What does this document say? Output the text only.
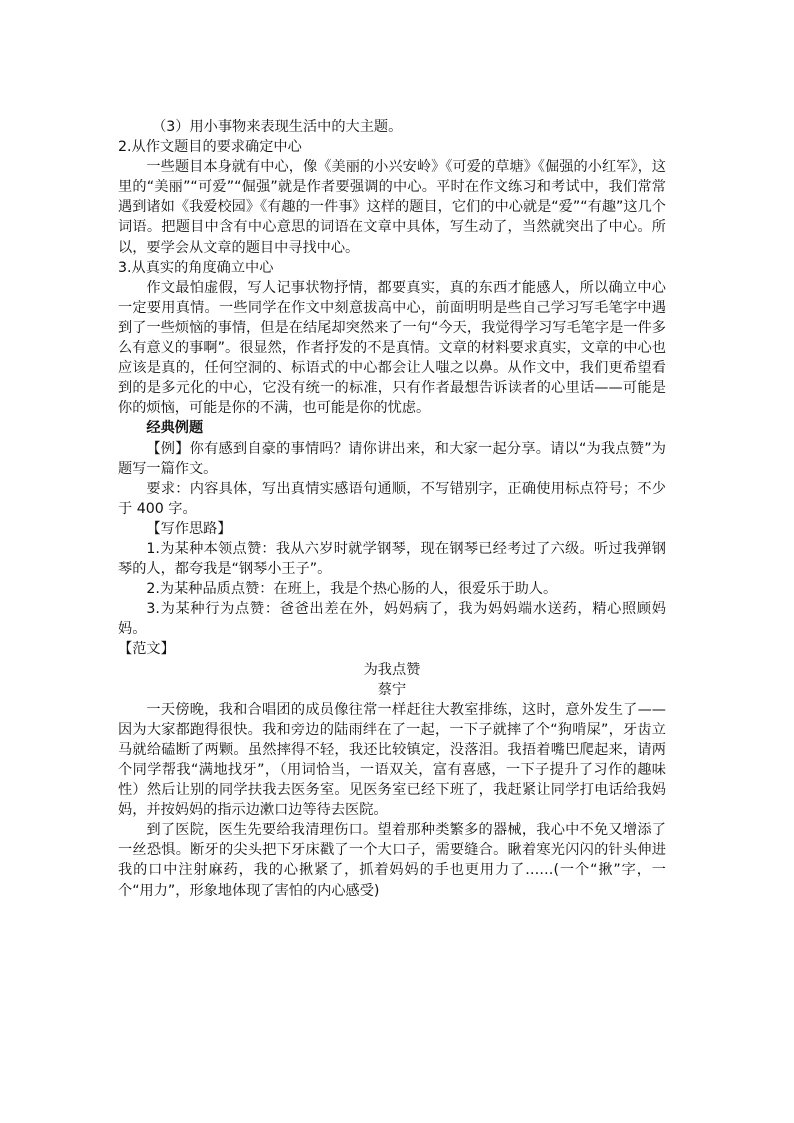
（3）用小事物来表现生活中的大主题。

2.从作文题目的要求确定中心

一些题目本身就有中心，像《美丽的小兴安岭》《可爱的草塘》《倔强的小红军》，这里的“美丽”“可爱”“倔强”就是作者要强调的中心。平时在作文练习和考试中，我们常常遇到诸如《我爱校园》《有趣的一件事》这样的题目，它们的中心就是“爱”“有趣”这几个词语。把题目中含有中心意思的词语在文章中具体，写生动了，当然就突出了中心。所以，要学会从文章的题目中寻找中心。

3.从真实的角度确立中心

作文最怕虚假，写人记事状物抒情，都要真实，真的东西才能感人，所以确立中心一定要用真情。一些同学在作文中刻意拔高中心，前面明明是些自己学习写毛笔字中遇到了一些烦恼的事情，但是在结尾却突然来了一句“今天，我觉得学习写毛笔字是一件多么有意义的事啊”。很显然，作者抒发的不是真情。文章的材料要求真实，文章的中心也应该是真的，任何空洞的、标语式的中心都会让人嗤之以鼻。从作文中，我们更希望看到的是多元化的中心，它没有统一的标准，只有作者最想告诉读者的心里话——可能是你的烦恼，可能是你的不满，也可能是你的忧虑。

经典例题

【例】你有感到自豪的事情吗？请你讲出来，和大家一起分享。请以“为我点赞”为题写一篇作文。

要求：内容具体，写出真情实感语句通顺，不写错别字，正确使用标点符号；不少于 400 字。

【写作思路】

1.为某种本领点赞：我从六岁时就学钢琴，现在钢琴已经考过了六级。听过我弹钢琴的人，都夸我是“钢琴小王子”。

2.为某种品质点赞：在班上，我是个热心肠的人，很爱乐于助人。

3.为某种行为点赞：爸爸出差在外，妈妈病了，我为妈妈端水送药，精心照顾妈妈。

【范文】

为我点赞

蔡宁

一天傍晚，我和合唱团的成员像往常一样赶往大教室排练，这时，意外发生了——因为大家都跑得很快。我和旁边的陆雨绊在了一起，一下子就摔了个“狗啃屎”，牙齿立马就给磕断了两颗。虽然摔得不轻，我还比较镇定，没落泪。我捂着嘴巴爬起来，请两个同学帮我“满地找牙”，（用词恰当，一语双关，富有喜感，一下子提升了习作的趣味性）然后让别的同学扶我去医务室。见医务室已经下班了，我赶紧让同学打电话给我妈妈，并按妈妈的指示边漱口边等待去医院。

到了医院，医生先要给我清理伤口。望着那种类繁多的器械，我心中不免又增添了一丝恐惧。断牙的尖头把下牙床戳了一个大口子，需要缝合。瞅着寒光闪闪的针头伸进我的口中注射麻药，我的心揪紧了，抓着妈妈的手也更用力了……(一个“揪”字，一个“用力”，形象地体现了害怕的内心感受)
